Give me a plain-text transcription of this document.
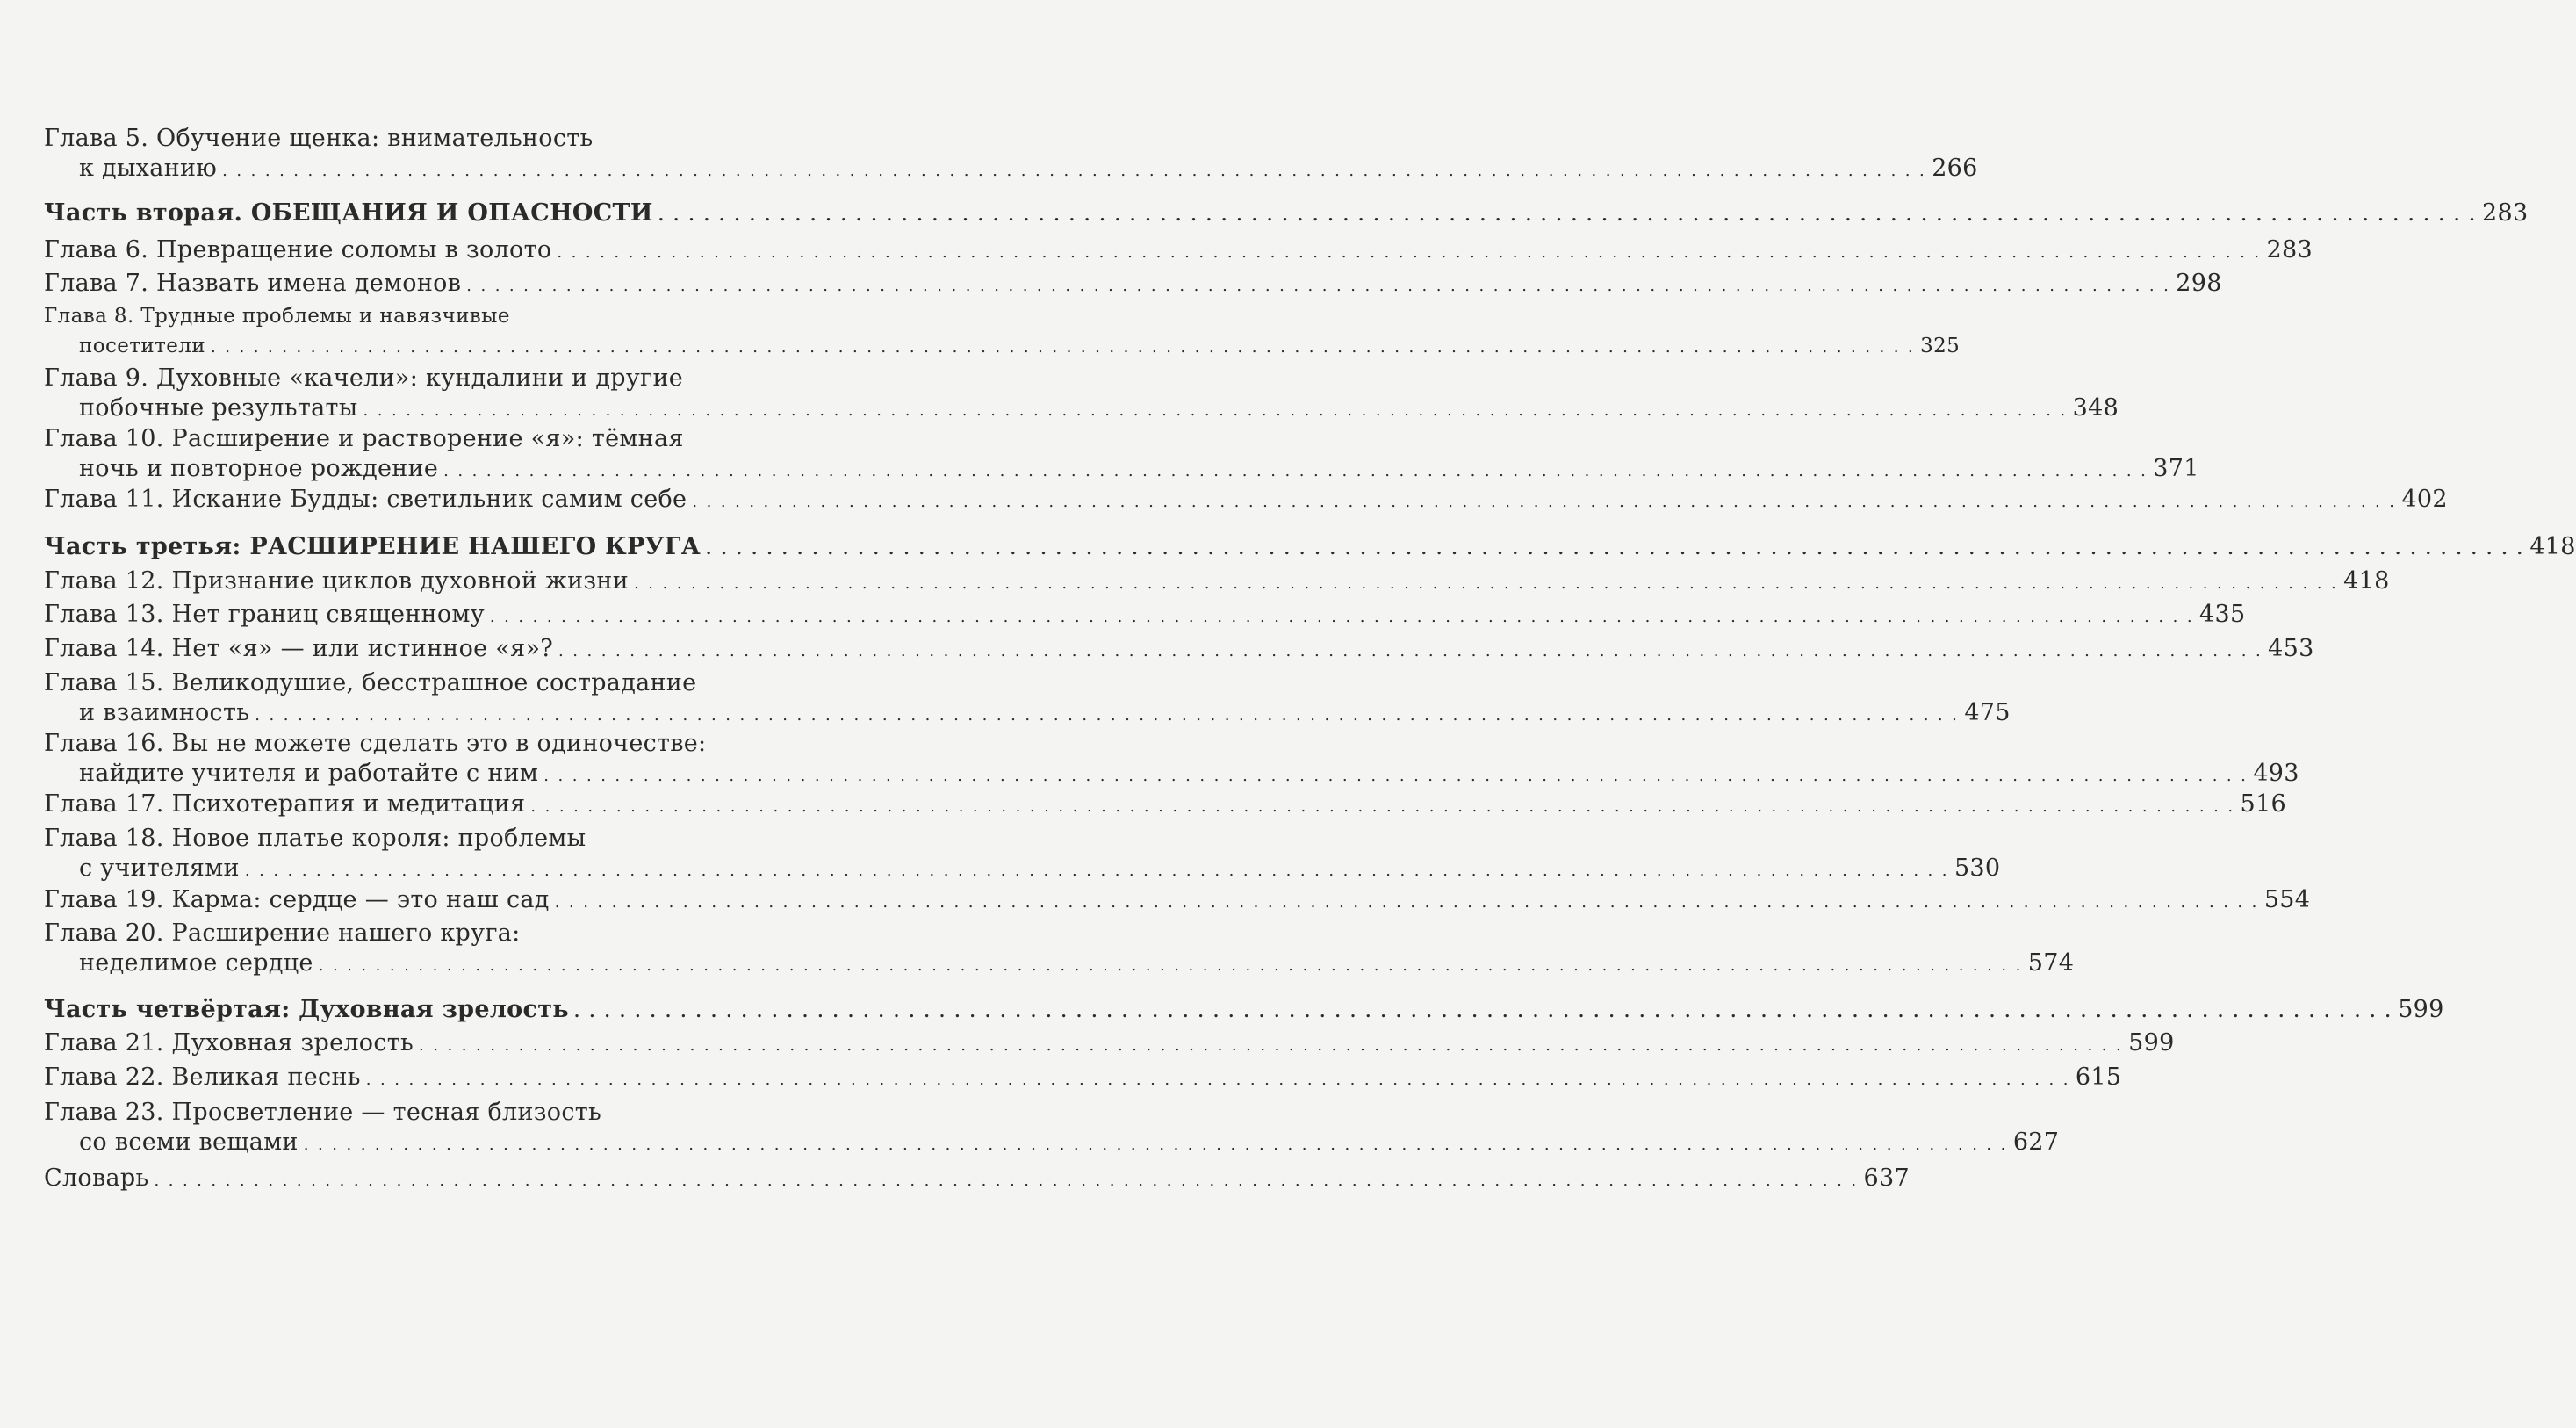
Глава 5. Обучение щенка: внимательность
к дыханию . . . . . . . . . . . . . . . . . . . . . . . . . . . . . . . . . . . . . . . . . . . . . . . . . . . . . . . . . . . . . . . . . . . . . . . . . . . . . . . . . . . . . . . . . . . . . . . . . . . . . . . . . . . . . . . . . . . . . . . . 266
Часть вторая. ОБЕЩАНИЯ И ОПАСНОСТИ . . . . . . . . . . . . . . . . . . . . . . . . . . . . . . . . . . . . . . . . . . . . . . . . . . . . . . . . . . . . . . . . . . . . . . . . . . . . . . . . . . . . . . . . . . . . . . . . . . . . . . . . . . . . . . . . . . . . . . . . 283
Глава 6. Превращение соломы в золото . . . . . . . . . . . . . . . . . . . . . . . . . . . . . . . . . . . . . . . . . . . . . . . . . . . . . . . . . . . . . . . . . . . . . . . . . . . . . . . . . . . . . . . . . . . . . . . . . . . . . . . . . . . . . . . . . . . . . . . . 283
Глава 7. Назвать имена демонов . . . . . . . . . . . . . . . . . . . . . . . . . . . . . . . . . . . . . . . . . . . . . . . . . . . . . . . . . . . . . . . . . . . . . . . . . . . . . . . . . . . . . . . . . . . . . . . . . . . . . . . . . . . . . . . . . . . . . . . . 298
Глава 8. Трудные проблемы и навязчивые
посетители . . . . . . . . . . . . . . . . . . . . . . . . . . . . . . . . . . . . . . . . . . . . . . . . . . . . . . . . . . . . . . . . . . . . . . . . . . . . . . . . . . . . . . . . . . . . . . . . . . . . . . . . . . . . . . . . . . . . . . . . 325
Глава 9. Духовные «качели»: кундалини и другие
побочные результаты . . . . . . . . . . . . . . . . . . . . . . . . . . . . . . . . . . . . . . . . . . . . . . . . . . . . . . . . . . . . . . . . . . . . . . . . . . . . . . . . . . . . . . . . . . . . . . . . . . . . . . . . . . . . . . . . . . . . . . . . 348
Глава 10. Расширение и растворение «я»: тёмная
ночь и повторное рождение . . . . . . . . . . . . . . . . . . . . . . . . . . . . . . . . . . . . . . . . . . . . . . . . . . . . . . . . . . . . . . . . . . . . . . . . . . . . . . . . . . . . . . . . . . . . . . . . . . . . . . . . . . . . . . . . . . . . . . . . 371
Глава 11. Искание Будды: светильник самим себе . . . . . . . . . . . . . . . . . . . . . . . . . . . . . . . . . . . . . . . . . . . . . . . . . . . . . . . . . . . . . . . . . . . . . . . . . . . . . . . . . . . . . . . . . . . . . . . . . . . . . . . . . . . . . . . . . . . . . . . . 402
Часть третья: РАСШИРЕНИЕ НАШЕГО КРУГА . . . . . . . . . . . . . . . . . . . . . . . . . . . . . . . . . . . . . . . . . . . . . . . . . . . . . . . . . . . . . . . . . . . . . . . . . . . . . . . . . . . . . . . . . . . . . . . . . . . . . . . . . . . . . . . . . . . . . . . . 418
Глава 12. Признание циклов духовной жизни . . . . . . . . . . . . . . . . . . . . . . . . . . . . . . . . . . . . . . . . . . . . . . . . . . . . . . . . . . . . . . . . . . . . . . . . . . . . . . . . . . . . . . . . . . . . . . . . . . . . . . . . . . . . . . . . . . . . . . . . 418
Глава 13. Нет границ священному . . . . . . . . . . . . . . . . . . . . . . . . . . . . . . . . . . . . . . . . . . . . . . . . . . . . . . . . . . . . . . . . . . . . . . . . . . . . . . . . . . . . . . . . . . . . . . . . . . . . . . . . . . . . . . . . . . . . . . . . 435
Глава 14. Нет «я» — или истинное «я»? . . . . . . . . . . . . . . . . . . . . . . . . . . . . . . . . . . . . . . . . . . . . . . . . . . . . . . . . . . . . . . . . . . . . . . . . . . . . . . . . . . . . . . . . . . . . . . . . . . . . . . . . . . . . . . . . . . . . . . . . 453
Глава 15. Великодушие, бесстрашное сострадание
и взаимность . . . . . . . . . . . . . . . . . . . . . . . . . . . . . . . . . . . . . . . . . . . . . . . . . . . . . . . . . . . . . . . . . . . . . . . . . . . . . . . . . . . . . . . . . . . . . . . . . . . . . . . . . . . . . . . . . . . . . . . . 475
Глава 16. Вы не можете сделать это в одиночестве:
найдите учителя и работайте с ним . . . . . . . . . . . . . . . . . . . . . . . . . . . . . . . . . . . . . . . . . . . . . . . . . . . . . . . . . . . . . . . . . . . . . . . . . . . . . . . . . . . . . . . . . . . . . . . . . . . . . . . . . . . . . . . . . . . . . . . . 493
Глава 17. Психотерапия и медитация . . . . . . . . . . . . . . . . . . . . . . . . . . . . . . . . . . . . . . . . . . . . . . . . . . . . . . . . . . . . . . . . . . . . . . . . . . . . . . . . . . . . . . . . . . . . . . . . . . . . . . . . . . . . . . . . . . . . . . . . 516
Глава 18. Новое платье короля: проблемы
с учителями . . . . . . . . . . . . . . . . . . . . . . . . . . . . . . . . . . . . . . . . . . . . . . . . . . . . . . . . . . . . . . . . . . . . . . . . . . . . . . . . . . . . . . . . . . . . . . . . . . . . . . . . . . . . . . . . . . . . . . . . 530
Глава 19. Карма: сердце — это наш сад . . . . . . . . . . . . . . . . . . . . . . . . . . . . . . . . . . . . . . . . . . . . . . . . . . . . . . . . . . . . . . . . . . . . . . . . . . . . . . . . . . . . . . . . . . . . . . . . . . . . . . . . . . . . . . . . . . . . . . . . 554
Глава 20. Расширение нашего круга:
неделимое сердце . . . . . . . . . . . . . . . . . . . . . . . . . . . . . . . . . . . . . . . . . . . . . . . . . . . . . . . . . . . . . . . . . . . . . . . . . . . . . . . . . . . . . . . . . . . . . . . . . . . . . . . . . . . . . . . . . . . . . . . . 574
Часть четвёртая: Духовная зрелость . . . . . . . . . . . . . . . . . . . . . . . . . . . . . . . . . . . . . . . . . . . . . . . . . . . . . . . . . . . . . . . . . . . . . . . . . . . . . . . . . . . . . . . . . . . . . . . . . . . . . . . . . . . . . . . . . . . . . . . . 599
Глава 21. Духовная зрелость . . . . . . . . . . . . . . . . . . . . . . . . . . . . . . . . . . . . . . . . . . . . . . . . . . . . . . . . . . . . . . . . . . . . . . . . . . . . . . . . . . . . . . . . . . . . . . . . . . . . . . . . . . . . . . . . . . . . . . . . 599
Глава 22. Великая песнь . . . . . . . . . . . . . . . . . . . . . . . . . . . . . . . . . . . . . . . . . . . . . . . . . . . . . . . . . . . . . . . . . . . . . . . . . . . . . . . . . . . . . . . . . . . . . . . . . . . . . . . . . . . . . . . . . . . . . . . . 615
Глава 23. Просветление — тесная близость
со всеми вещами . . . . . . . . . . . . . . . . . . . . . . . . . . . . . . . . . . . . . . . . . . . . . . . . . . . . . . . . . . . . . . . . . . . . . . . . . . . . . . . . . . . . . . . . . . . . . . . . . . . . . . . . . . . . . . . . . . . . . . . . 627
Словарь . . . . . . . . . . . . . . . . . . . . . . . . . . . . . . . . . . . . . . . . . . . . . . . . . . . . . . . . . . . . . . . . . . . . . . . . . . . . . . . . . . . . . . . . . . . . . . . . . . . . . . . . . . . . . . . . . . . . . . . . 637
